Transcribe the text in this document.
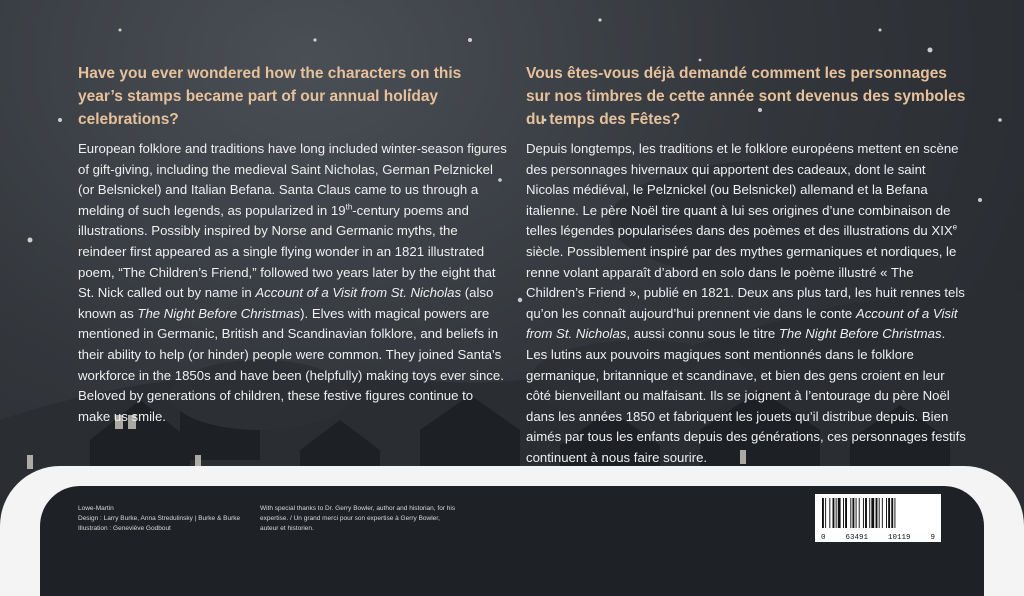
Have you ever wondered how the characters on this year’s stamps became part of our annual holiday celebrations?

European folklore and traditions have long included winter-season figures of gift-giving, including the medieval Saint Nicholas, German Pelznickel (or Belsnickel) and Italian Befana. Santa Claus came to us through a melding of such legends, as popularized in 19th-century poems and illustrations. Possibly inspired by Norse and Germanic myths, the reindeer first appeared as a single flying wonder in an 1821 illustrated poem, “The Children’s Friend,” followed two years later by the eight that St. Nick called out by name in Account of a Visit from St. Nicholas (also known as The Night Before Christmas). Elves with magical powers are mentioned in Germanic, British and Scandinavian folklore, and beliefs in their ability to help (or hinder) people were common. They joined Santa’s workforce in the 1850s and have been (helpfully) making toys ever since. Beloved by generations of children, these festive figures continue to make us smile.

Vous êtes-vous déjà demandé comment les personnages sur nos timbres de cette année sont devenus des symboles du temps des Fêtes?

Depuis longtemps, les traditions et le folklore européens mettent en scène des personnages hivernaux qui apportent des cadeaux, dont le saint Nicolas médiéval, le Pelznickel (ou Belsnickel) allemand et la Befana italienne. Le père Noël tire quant à lui ses origines d’une combinaison de telles légendes popularisées dans des poèmes et des illustrations du XIXe siècle. Possiblement inspiré par des mythes germaniques et nordiques, le renne volant apparaît d’abord en solo dans le poème illustré « The Children’s Friend », publié en 1821. Deux ans plus tard, les huit rennes tels qu’on les connaît aujourd’hui prennent vie dans le conte Account of a Visit from St. Nicholas, aussi connu sous le titre The Night Before Christmas. Les lutins aux pouvoirs magiques sont mentionnés dans le folklore germanique, britannique et scandinave, et bien des gens croient en leur côté bienveillant ou malfaisant. Ils se joignent à l’entourage du père Noël dans les années 1850 et fabriquent les jouets qu’il distribue depuis. Bien aimés par tous les enfants depuis des générations, ces personnages festifs continuent à nous faire sourire.

Lowe-Martin
Design : Larry Burke, Anna Stredulinsky | Burke & Burke
Illustration : Geneviève Godbout
With special thanks to Dr. Gerry Bowler, author and historian, for his expertise. / Un grand merci pour son expertise à Gerry Bowler, auteur et historien.
0	63491	10119	9
